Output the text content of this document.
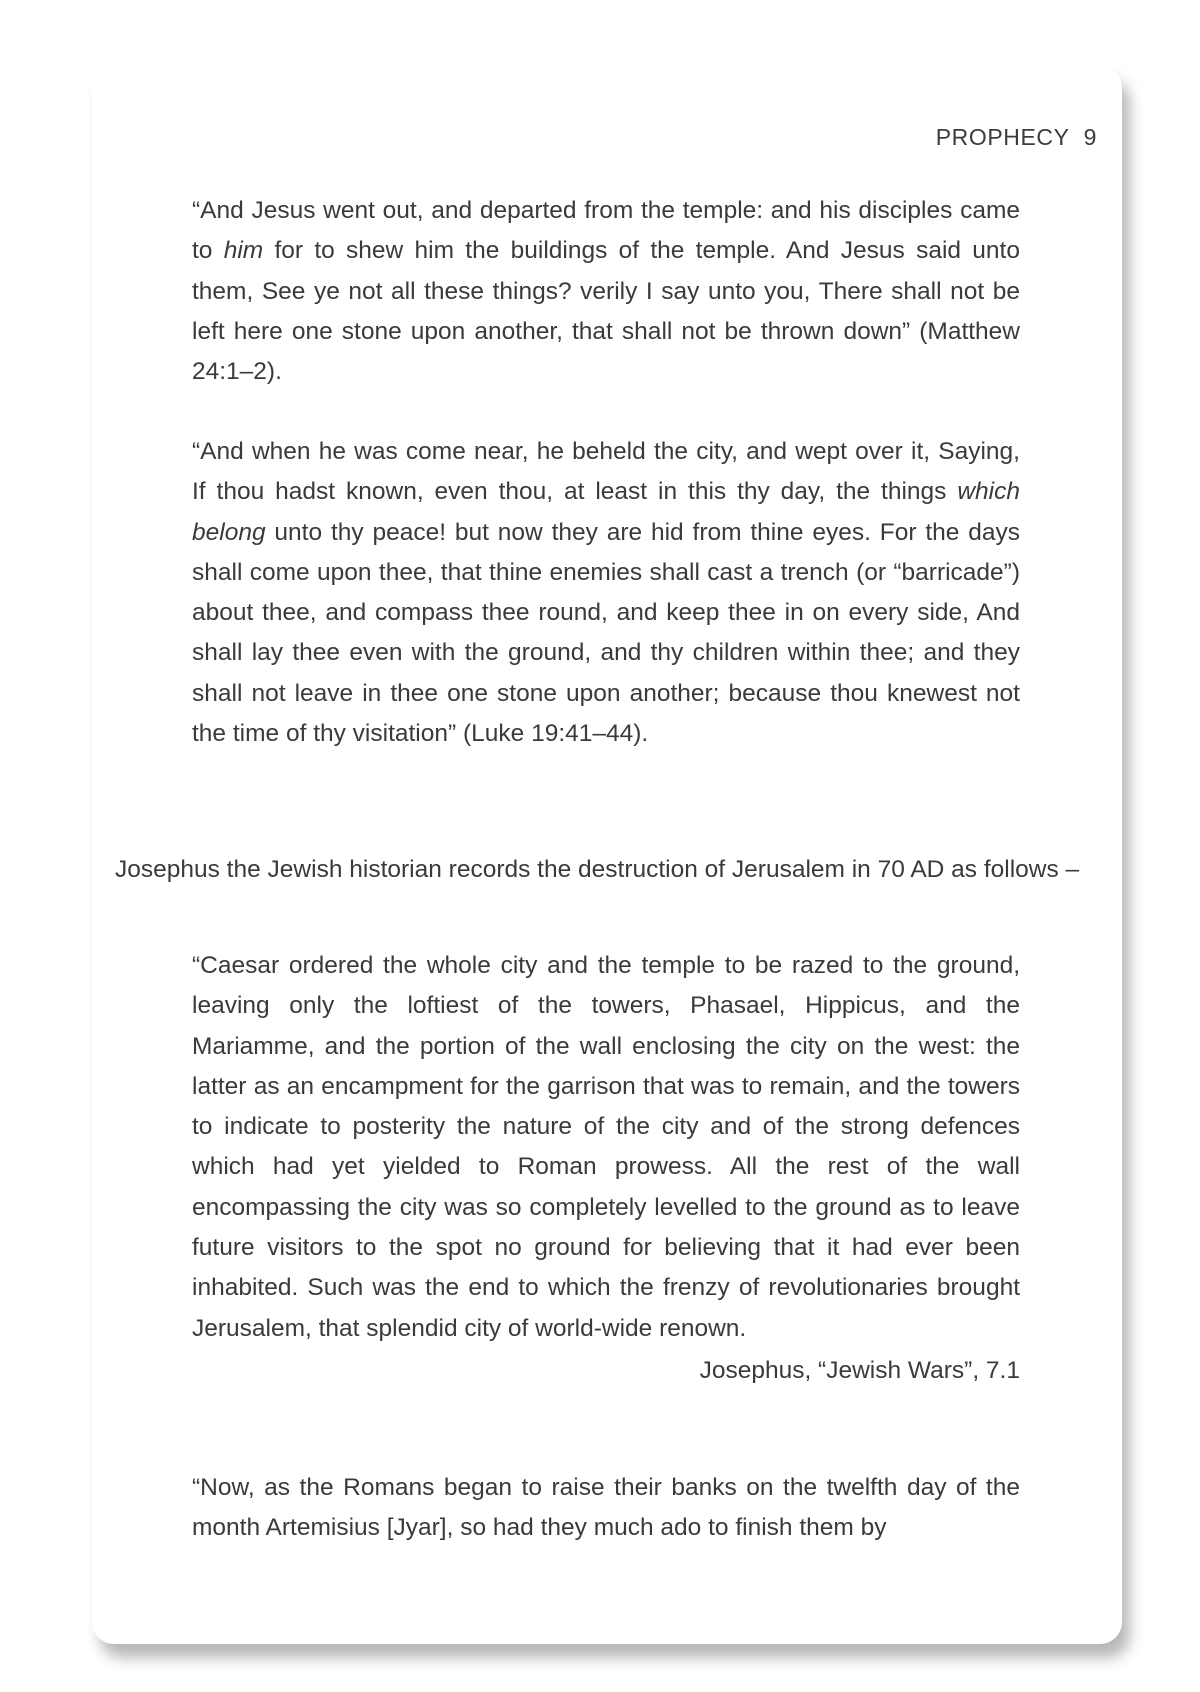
PROPHECY 9

“And Jesus went out, and departed from the temple: and his disciples came to him for to shew him the buildings of the temple. And Jesus said unto them, See ye not all these things? verily I say unto you, There shall not be left here one stone upon another, that shall not be thrown down” (Matthew 24:1–2).

“And when he was come near, he beheld the city, and wept over it, Saying, If thou hadst known, even thou, at least in this thy day, the things which belong unto thy peace! but now they are hid from thine eyes. For the days shall come upon thee, that thine enemies shall cast a trench (or “barricade”) about thee, and compass thee round, and keep thee in on every side, And shall lay thee even with the ground, and thy children within thee; and they shall not leave in thee one stone upon another; because thou knewest not the time of thy visitation” (Luke 19:41–44).

Josephus the Jewish historian records the destruction of Jerusalem in 70 AD as follows –

“Caesar ordered the whole city and the temple to be razed to the ground, leaving only the loftiest of the towers, Phasael, Hippicus, and the Mariamme, and the portion of the wall enclosing the city on the west: the latter as an encampment for the garrison that was to remain, and the towers to indicate to posterity the nature of the city and of the strong defences which had yet yielded to Roman prowess. All the rest of the wall encompassing the city was so completely levelled to the ground as to leave future visitors to the spot no ground for believing that it had ever been inhabited. Such was the end to which the frenzy of revolutionaries brought Jerusalem, that splendid city of world-wide renown.

Josephus, “Jewish Wars”, 7.1

“Now, as the Romans began to raise their banks on the twelfth day of the month Artemisius [Jyar], so had they much ado to finish them by
